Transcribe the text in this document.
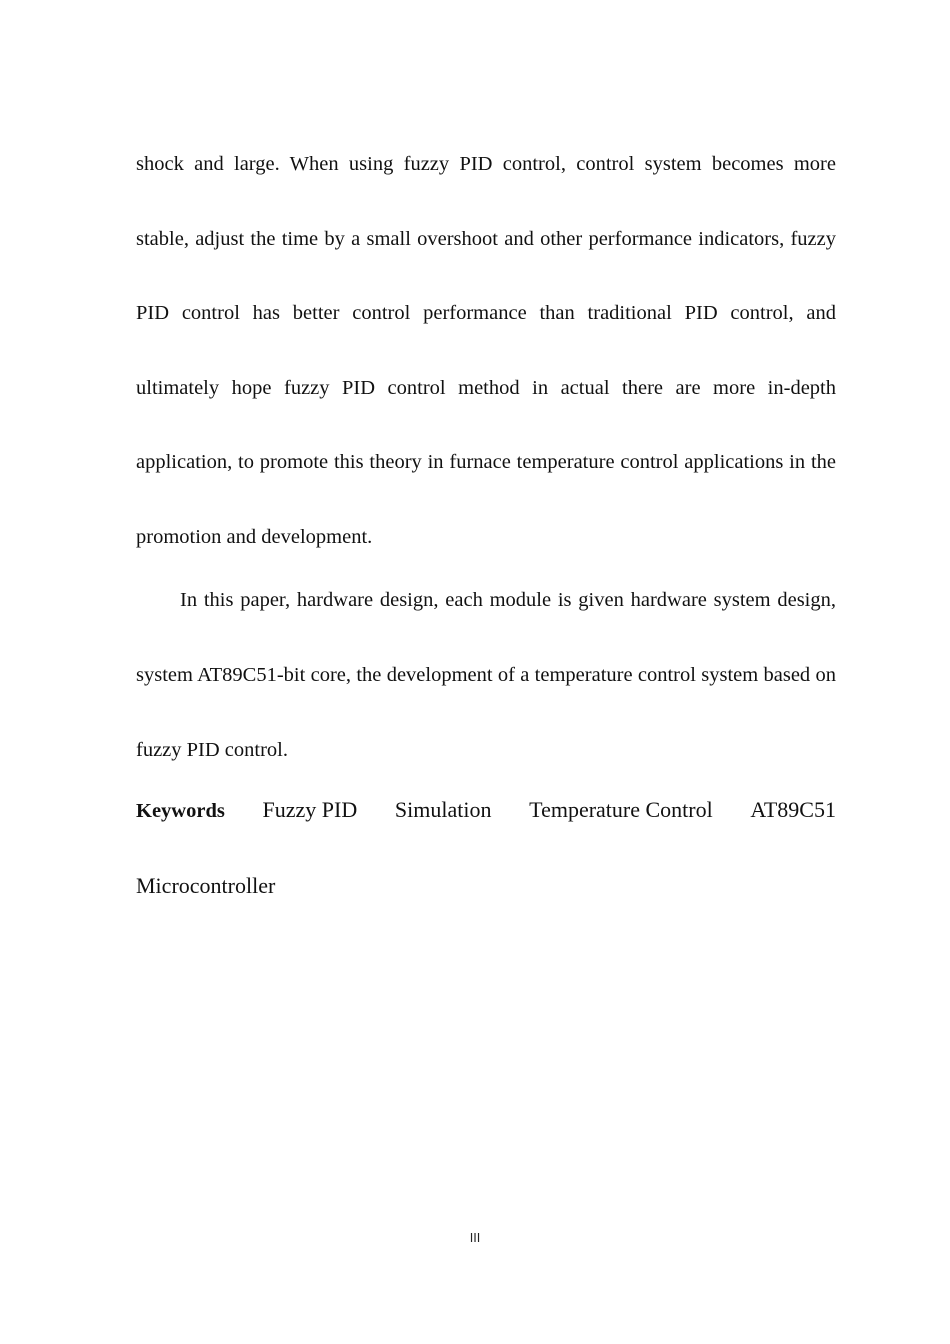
shock and large. When using fuzzy PID control, control system becomes more stable, adjust the time by a small overshoot and other performance indicators, fuzzy PID control has better control performance than traditional PID control, and ultimately hope fuzzy PID control method in actual there are more in-depth application, to promote this theory in furnace temperature control applications in the promotion and development.
In this paper, hardware design, each module is given hardware system design, system AT89C51-bit core, the development of a temperature control system based on fuzzy PID control.
Keywords Fuzzy PID Simulation Temperature Control AT89C51
Microcontroller
III
